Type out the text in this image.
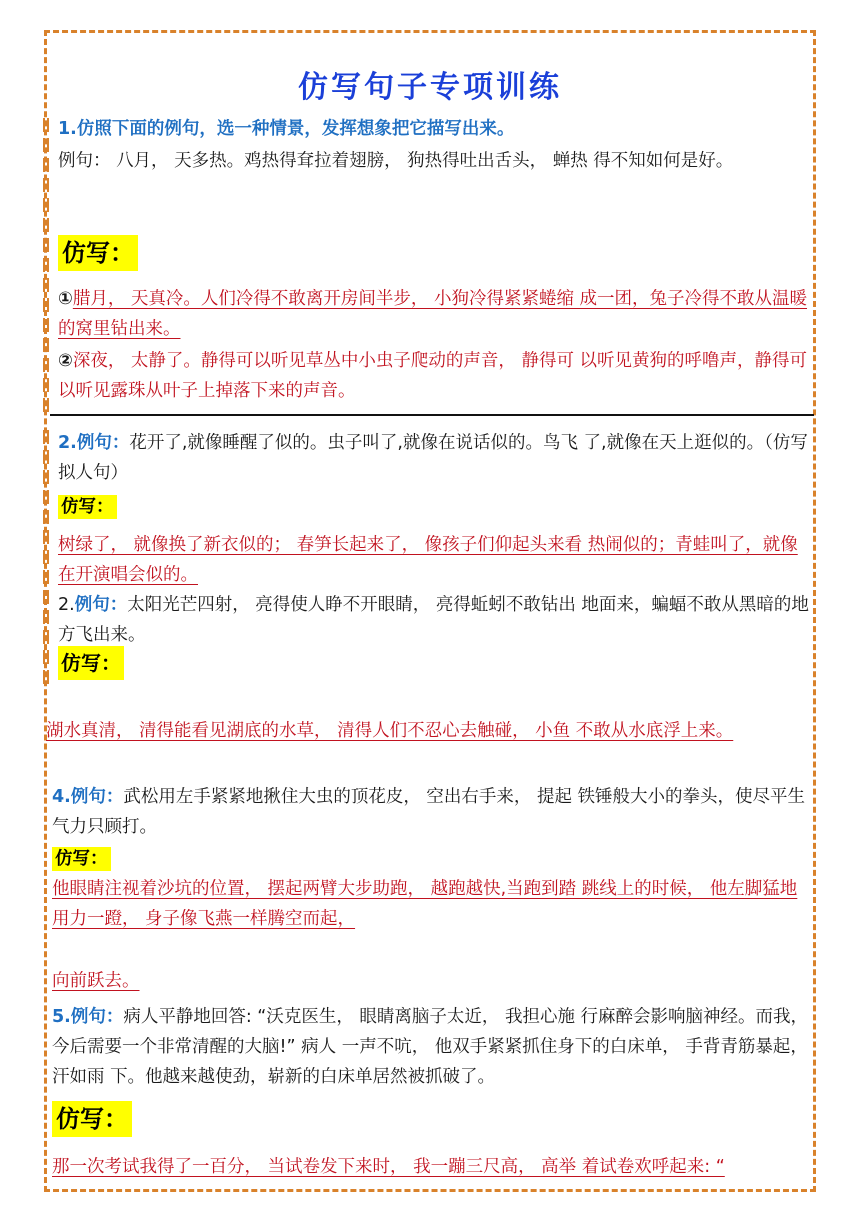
仿写句子专项训练
1.仿照下面的例句，选一种情景，发挥想象把它描写出来。
例句： 八月， 天多热。鸡热得耷拉着翅膀， 狗热得吐出舌头， 蝉热 得不知如何是好。
仿写：
①腊月， 天真冷。人们冷得不敢离开房间半步， 小狗冷得紧紧蜷缩 成一团，兔子冷得不敢从温暖的窝里钻出来。
②深夜， 太静了。静得可以听见草丛中小虫子爬动的声音， 静得可 以听见黄狗的呼噜声，静得可以听见露珠从叶子上掉落下来的声音。
2.例句：花开了,就像睡醒了似的。虫子叫了,就像在说话似的。鸟飞 了,就像在天上逛似的。（仿写拟人句）
仿写：
树绿了， 就像换了新衣似的； 春笋长起来了， 像孩子们仰起头来看 热闹似的；青蛙叫了，就像在开演唱会似的。
2.例句：太阳光芒四射， 亮得使人睁不开眼睛， 亮得蚯蚓不敢钻出 地面来，蝙蝠不敢从黑暗的地方飞出来。
仿写：
湖水真清， 清得能看见湖底的水草， 清得人们不忍心去触碰， 小鱼 不敢从水底浮上来。
4.例句：武松用左手紧紧地揪住大虫的顶花皮， 空出右手来， 提起 铁锤般大小的拳头，使尽平生气力只顾打。
仿写：
他眼睛注视着沙坑的位置， 摆起两臂大步助跑， 越跑越快,当跑到踏 跳线上的时候， 他左脚猛地用力一蹬， 身子像飞燕一样腾空而起，
向前跃去。
5.例句：病人平静地回答: “沃克医生， 眼睛离脑子太近， 我担心施 行麻醉会影响脑神经。而我， 今后需要一个非常清醒的大脑!” 病人 一声不吭， 他双手紧紧抓住身下的白床单， 手背青筋暴起， 汗如雨 下。他越来越使劲，崭新的白床单居然被抓破了。
仿写：
那一次考试我得了一百分， 当试卷发下来时， 我一蹦三尺高， 高举 着试卷欢呼起来: “
